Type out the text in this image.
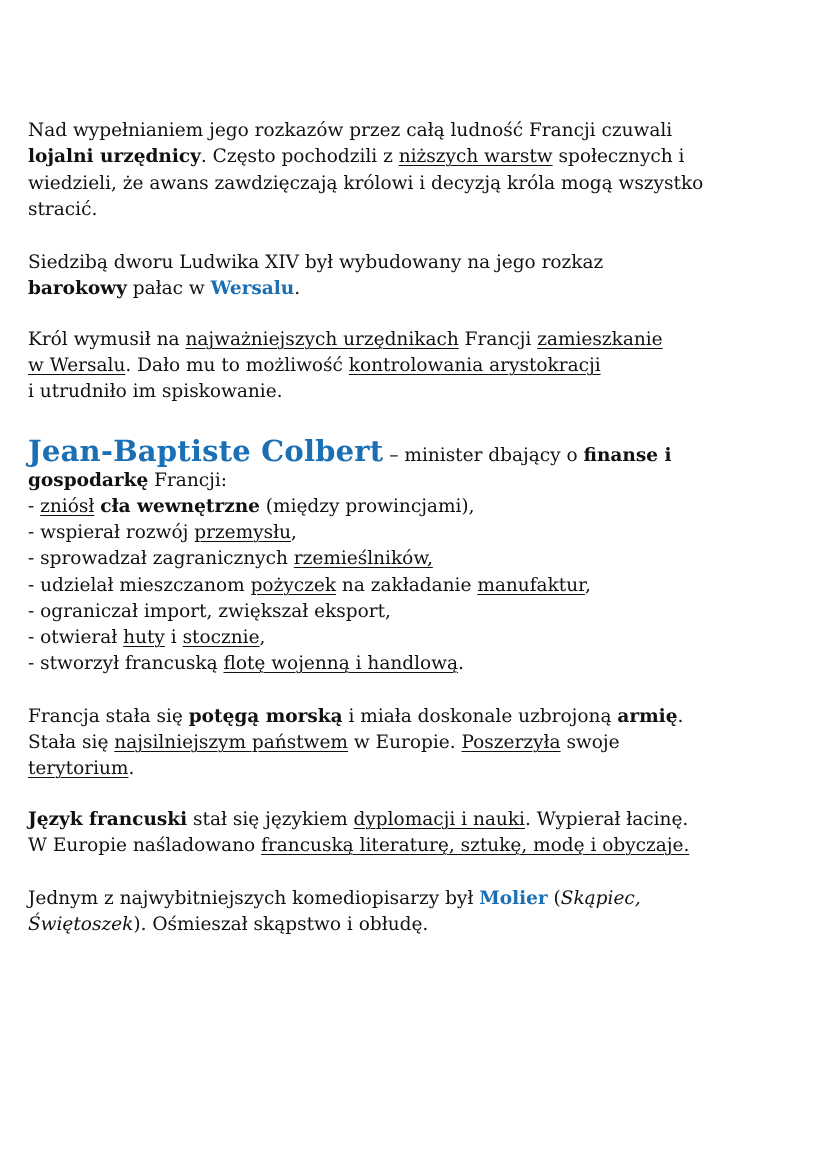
Nad wypełnianiem jego rozkazów przez całą ludność Francji czuwali
lojalni urzędnicy. Często pochodzili z niższych warstw społecznych i
wiedzieli, że awans zawdzięczają królowi i decyzją króla mogą wszystko
stracić.
Siedzibą dworu Ludwika XIV był wybudowany na jego rozkaz
barokowy pałac w Wersalu.
Król wymusił na najważniejszych urzędnikach Francji zamieszkanie
w Wersalu. Dało mu to możliwość kontrolowania arystokracji
i utrudniło im spiskowanie.
Jean-Baptiste Colbert – minister dbający o finanse i
gospodarkę Francji:
- zniósł cła wewnętrzne (między prowincjami),
- wspierał rozwój przemysłu,
- sprowadzał zagranicznych rzemieślników,
- udzielał mieszczanom pożyczek na zakładanie manufaktur,
- ograniczał import, zwiększał eksport,
- otwierał huty i stocznie,
- stworzył francuską flotę wojenną i handlową.
Francja stała się potęgą morską i miała doskonale uzbrojoną armię.
Stała się najsilniejszym państwem w Europie. Poszerzyła swoje
terytorium.
Język francuski stał się językiem dyplomacji i nauki. Wypierał łacinę.
W Europie naśladowano francuską literaturę, sztukę, modę i obyczaje.
Jednym z najwybitniejszych komediopisarzy był Molier (Skąpiec,
Świętoszek). Ośmieszał skąpstwo i obłudę.
